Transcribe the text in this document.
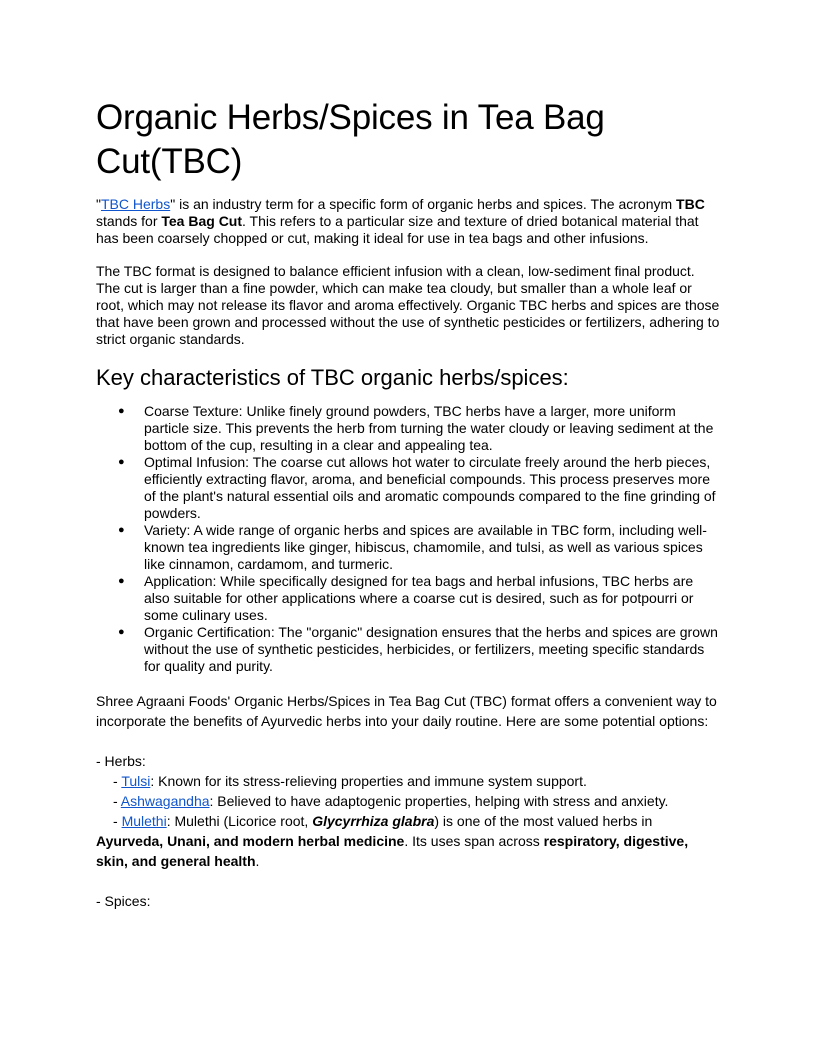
Organic Herbs/Spices in Tea Bag Cut(TBC)

"TBC Herbs" is an industry term for a specific form of organic herbs and spices. The acronym TBC stands for Tea Bag Cut. This refers to a particular size and texture of dried botanical material that has been coarsely chopped or cut, making it ideal for use in tea bags and other infusions.

The TBC format is designed to balance efficient infusion with a clean, low-sediment final product. The cut is larger than a fine powder, which can make tea cloudy, but smaller than a whole leaf or root, which may not release its flavor and aroma effectively. Organic TBC herbs and spices are those that have been grown and processed without the use of synthetic pesticides or fertilizers, adhering to strict organic standards.

Key characteristics of TBC organic herbs/spices:
● Coarse Texture: Unlike finely ground powders, TBC herbs have a larger, more uniform particle size. This prevents the herb from turning the water cloudy or leaving sediment at the bottom of the cup, resulting in a clear and appealing tea.
● Optimal Infusion: The coarse cut allows hot water to circulate freely around the herb pieces, efficiently extracting flavor, aroma, and beneficial compounds. This process preserves more of the plant's natural essential oils and aromatic compounds compared to the fine grinding of powders.
● Variety: A wide range of organic herbs and spices are available in TBC form, including well-known tea ingredients like ginger, hibiscus, chamomile, and tulsi, as well as various spices like cinnamon, cardamom, and turmeric.
● Application: While specifically designed for tea bags and herbal infusions, TBC herbs are also suitable for other applications where a coarse cut is desired, such as for potpourri or some culinary uses.
● Organic Certification: The "organic" designation ensures that the herbs and spices are grown without the use of synthetic pesticides, herbicides, or fertilizers, meeting specific standards for quality and purity.

Shree Agraani Foods' Organic Herbs/Spices in Tea Bag Cut (TBC) format offers a convenient way to incorporate the benefits of Ayurvedic herbs into your daily routine. Here are some potential options:

- Herbs:
- Tulsi: Known for its stress-relieving properties and immune system support.
- Ashwagandha: Believed to have adaptogenic properties, helping with stress and anxiety.
- Mulethi: Mulethi (Licorice root, Glycyrrhiza glabra) is one of the most valued herbs in Ayurveda, Unani, and modern herbal medicine. Its uses span across respiratory, digestive, skin, and general health.
- Spices:
